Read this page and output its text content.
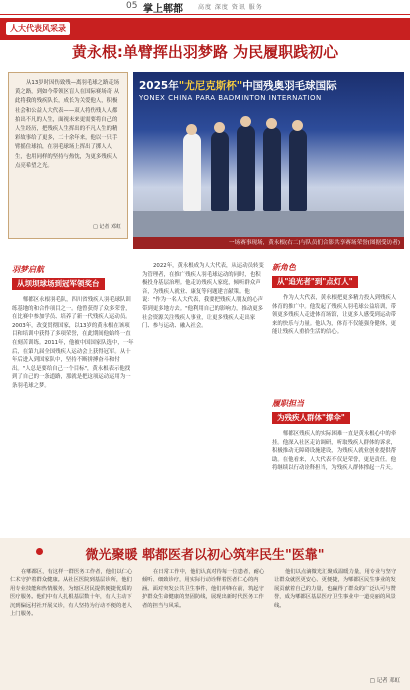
05 掌上郫都	高度 深度 资讯 服务
人大代表风采录
黄永根:单臂挥出羽梦路 为民履职践初心

从13岁时因伤致残—离羽毛球之路走场黄之路，到如今带领区盲人在国际赛场奇 从此将我的残疾队长，成长为关爱他人，积极社会和公益人大代表——双人将伤残人人都拍出不凡的人生，面视未来更需要将自己的人生经历，把残疾人生挥出的不凡人生的精彩故事给了更多，二十余年来，他以一只手臂摇住球拍，在羽毛球场上挥出了掷人人生，也用同样的坚持与热忱，为更多残疾人点亮希望之光。

□ 记者 邓虹
2025年"尤尼克斯杯"中国残奥羽毛球国际
YONEX CHINA PARA BADMINTON INTERNATION
一场赛事现场，黄永根(右二)与队员们合影共享赛场荣誉(图据受访者)
羽梦启航
从坝坝球场到冠军领奖台

郫都区永根羽毛队，四川省残疾人羽毛球队训练基地的和合作项目之一。他曾获得了众多荣誉，在比赛中参加学员、培养了新一代残疾人运动员。2003年，改变贯彻国家，以13岁的黄永根在该项目和培训中获得了多项荣誉，在此期间他始终一直在刻苦训练。2011年，他被中国国家队选中，一年后，在第九届全国残疾人运动会上获得冠军。从十年后进入到国家队中，坚持不断拼搏奋斗和付出。"人总是要给自己一个目标"，黄永根表示他找到了自己的一条道路，那就是把这项运动运用为一条羽毛球之梦。

2022年，黄永根成为人大代表，从运动员转变为管理者，在推广残疾人羽毛球运动的同时，也积极投身基层治理。他走访残疾人家庭，倾听群众声音，为残疾人就业、康复等问题建言献策。他说："作为一名人大代表，我要把残疾人朋友的心声带到更多地方去。"他利用自己的影响力，推动更多社会资源关注残疾人事业，让更多残疾人走出家门、参与运动、融入社会。

新角色
从"追光者"到"点灯人"

作为人大代表，黄永根把更多精力投入到残疾人体育的推广中。他发起了残疾人羽毛球公益培训，带领更多残疾人走进体育场馆，让更多人感受到运动带来的快乐与力量。他认为，体育不仅能强身健体，更能让残疾人重拾生活的信心。

履职担当
为残疾人群体"撑伞"

郫都区残疾人的实际困难一直是黄永根心中的牵挂。他深入社区走访调研，听取残疾人群体的诉求，积极推动无障碍设施建设，为残疾人就业创业提供帮助。在他看来，人大代表不仅是荣誉，更是责任。他将继续以行动诠释担当，为残疾人群体撑起一片天。

微光聚暖 郫都医者以初心筑牢民生"医靠"

在郫都区，有这样一群医务工作者，他们以仁心仁术守护着群众健康。从社区医院到基层诊所，他们用专业技能和热情服务，为辖区居民提供便捷优质的医疗服务。他们中有人扎根基层数十年，有人主动下沉到偏远村社开展义诊，有人坚持为行动不便的老人上门服务。

在日常工作中，他们认真对待每一位患者，耐心倾听、细致诊疗，用实际行动诠释着医者仁心的内涵。面对突发公共卫生事件，他们冲锋在前，筑起守护群众生命健康的坚固防线，展现出新时代医务工作者的担当与风采。

他们以点滴微光汇聚成温暖力量，用专业与坚守让群众就医更安心、更便捷，为郫都区民生事业的发展贡献着自己的力量，也赢得了群众的广泛认可与赞誉，成为郫都区基层医疗卫生事业中一道亮丽的风景线。

□ 记者 邓虹
